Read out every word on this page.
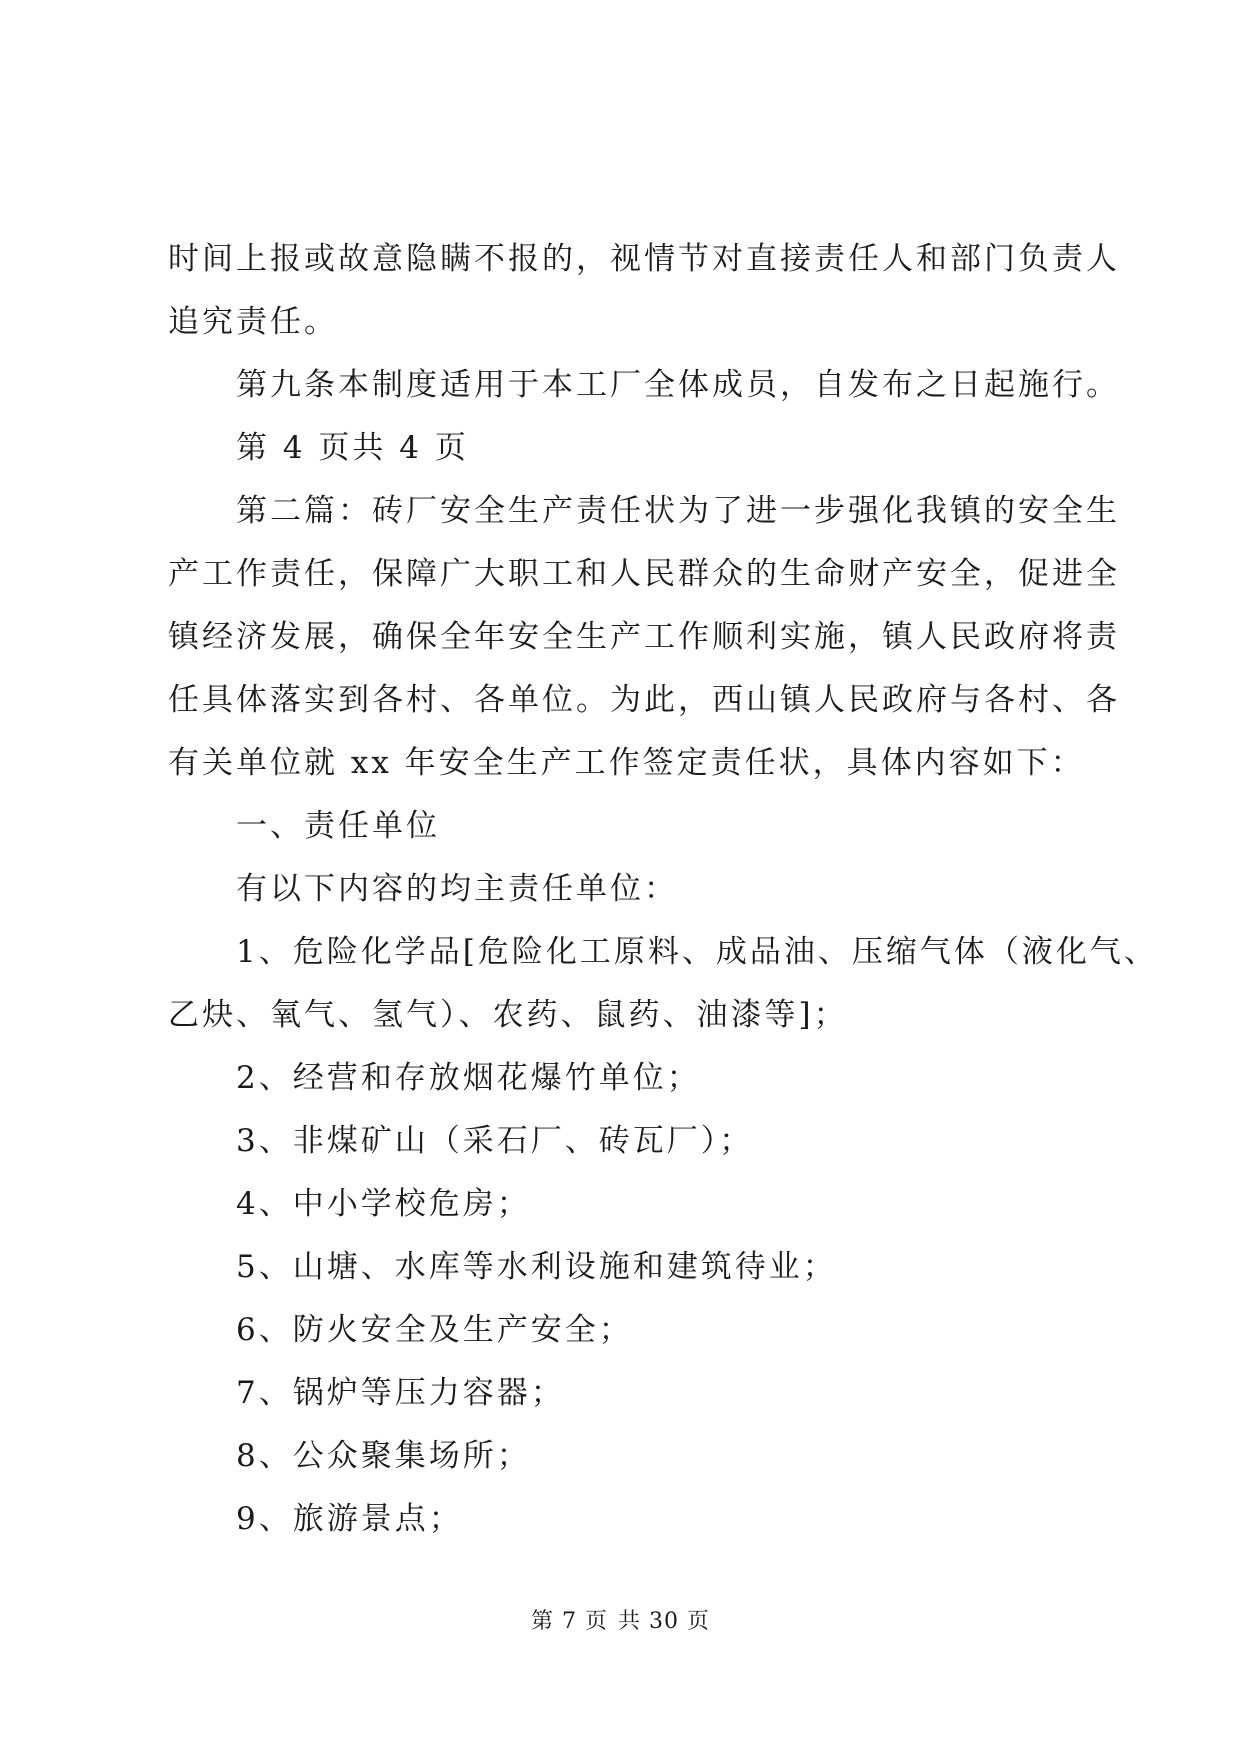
时间上报或故意隐瞒不报的，视情节对直接责任人和部门负责人
追究责任。
第九条本制度适用于本工厂全体成员，自发布之日起施行。
第 4 页共 4 页
第二篇：砖厂安全生产责任状为了进一步强化我镇的安全生
产工作责任，保障广大职工和人民群众的生命财产安全，促进全
镇经济发展，确保全年安全生产工作顺利实施，镇人民政府将责
任具体落实到各村、各单位。为此，西山镇人民政府与各村、各
有关单位就 xx 年安全生产工作签定责任状，具体内容如下：
一、责任单位
有以下内容的均主责任单位：
1、危险化学品[危险化工原料、成品油、压缩气体（液化气、
乙炔、氧气、氢气）、农药、鼠药、油漆等]；
2、经营和存放烟花爆竹单位；
3、非煤矿山（采石厂、砖瓦厂）；
4、中小学校危房；
5、山塘、水库等水利设施和建筑待业；
6、防火安全及生产安全；
7、锅炉等压力容器；
8、公众聚集场所；
9、旅游景点；
第 7 页 共 30 页
